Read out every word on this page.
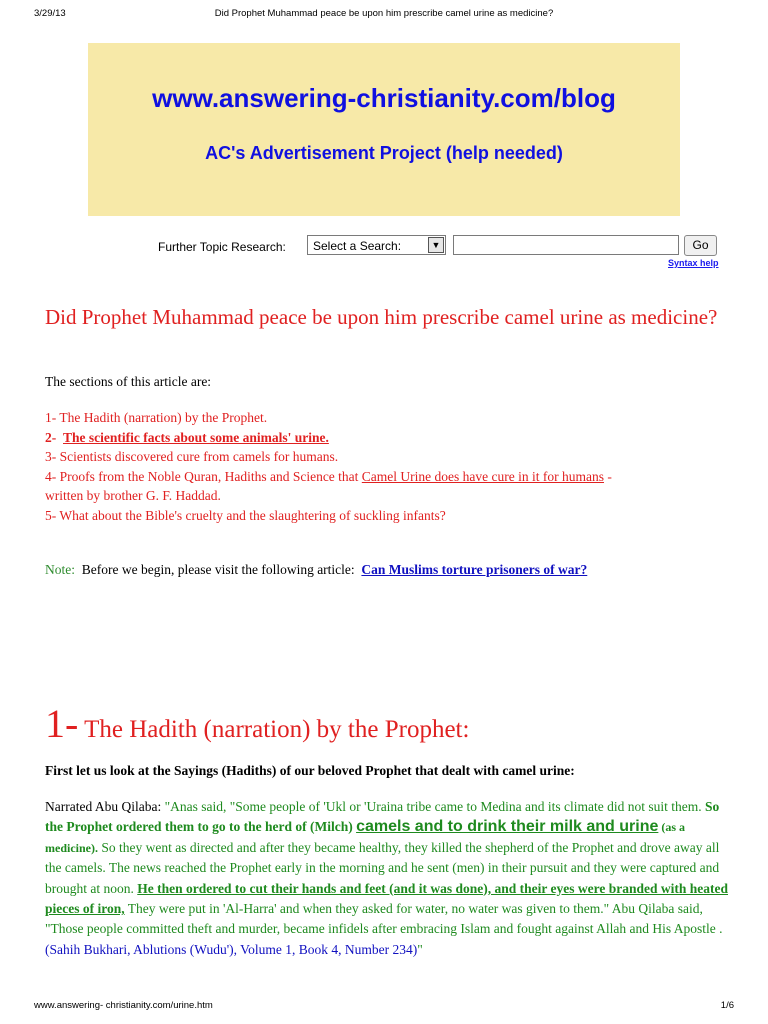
3/29/13	Did Prophet Muhammad peace be upon him prescribe camel urine as medicine?
www.answering-christianity.com/blog
AC's Advertisement Project (help needed)
Further Topic Research: Select a Search:	▼	Go
Syntax help
Did Prophet Muhammad peace be upon him prescribe camel urine as medicine?
The sections of this article are:
1- The Hadith (narration) by the Prophet.
2- The scientific facts about some animals' urine.
3- Scientists discovered cure from camels for humans.
4- Proofs from the Noble Quran, Hadiths and Science that Camel Urine does have cure in it for humans -
written by brother G. F. Haddad.
5- What about the Bible's cruelty and the slaughtering of suckling infants?
Note:  Before we begin, please visit the following article:  Can Muslims torture prisoners of war?
1- The Hadith (narration) by the Prophet:
First let us look at the Sayings (Hadiths) of our beloved Prophet that dealt with camel urine:
Narrated Abu Qilaba: "Anas said, "Some people of 'Ukl or 'Uraina tribe came to Medina and its climate did not suit them. So the Prophet ordered them to go to the herd of (Milch) camels and to drink their milk and urine (as a medicine). So they went as directed and after they became healthy, they killed the shepherd of the Prophet and drove away all the camels. The news reached the Prophet early in the morning and he sent (men) in their pursuit and they were captured and brought at noon. He then ordered to cut their hands and feet (and it was done), and their eyes were branded with heated pieces of iron, They were put in 'Al-Harra' and when they asked for water, no water was given to them." Abu Qilaba said, "Those people committed theft and murder, became infidels after embracing Islam and fought against Allah and His Apostle . (Sahih Bukhari, Ablutions (Wudu'), Volume 1, Book 4, Number 234)"
www.answering- christianity.com/urine.htm	1/6
